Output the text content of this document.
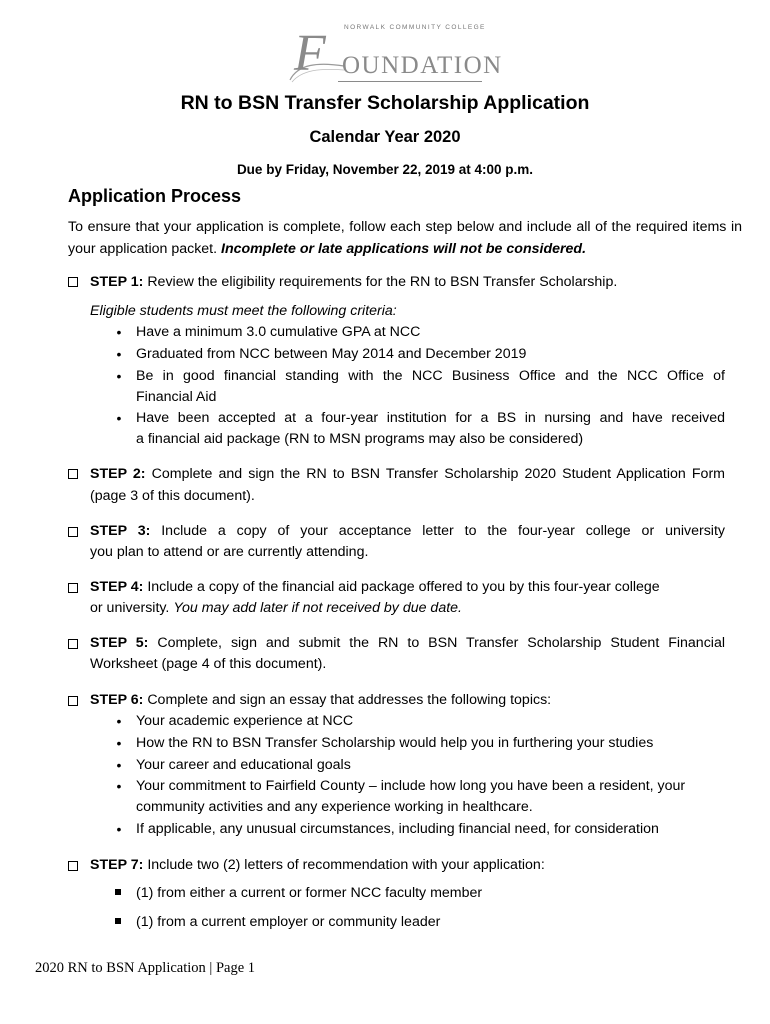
NORWALK COMMUNITY COLLEGE
F OUNDATION
RN to BSN Transfer Scholarship Application
Calendar Year 2020
Due by Friday, November 22, 2019 at 4:00 p.m.
Application Process
To ensure that your application is complete, follow each step below and include all of the required items in your application packet. Incomplete or late applications will not be considered.
STEP 1: Review the eligibility requirements for the RN to BSN Transfer Scholarship.
Eligible students must meet the following criteria:
• Have a minimum 3.0 cumulative GPA at NCC
• Graduated from NCC between May 2014 and December 2019
• Be in good financial standing with the NCC Business Office and the NCC Office of
Financial Aid
• Have been accepted at a four-year institution for a BS in nursing and have received
a financial aid package (RN to MSN programs may also be considered)
STEP 2: Complete and sign the RN to BSN Transfer Scholarship 2020 Student Application Form
(page 3 of this document).
STEP 3: Include a copy of your acceptance letter to the four-year college or university
you plan to attend or are currently attending.
STEP 4: Include a copy of the financial aid package offered to you by this four-year college
or university. You may add later if not received by due date.
STEP 5: Complete, sign and submit the RN to BSN Transfer Scholarship Student Financial
Worksheet (page 4 of this document).
STEP 6: Complete and sign an essay that addresses the following topics:
• Your academic experience at NCC
• How the RN to BSN Transfer Scholarship would help you in furthering your studies
• Your career and educational goals
• Your commitment to Fairfield County – include how long you have been a resident, your
community activities and any experience working in healthcare.
• If applicable, any unusual circumstances, including financial need, for consideration
STEP 7: Include two (2) letters of recommendation with your application:
(1) from either a current or former NCC faculty member
(1) from a current employer or community leader
2020 RN to BSN Application | Page 1
